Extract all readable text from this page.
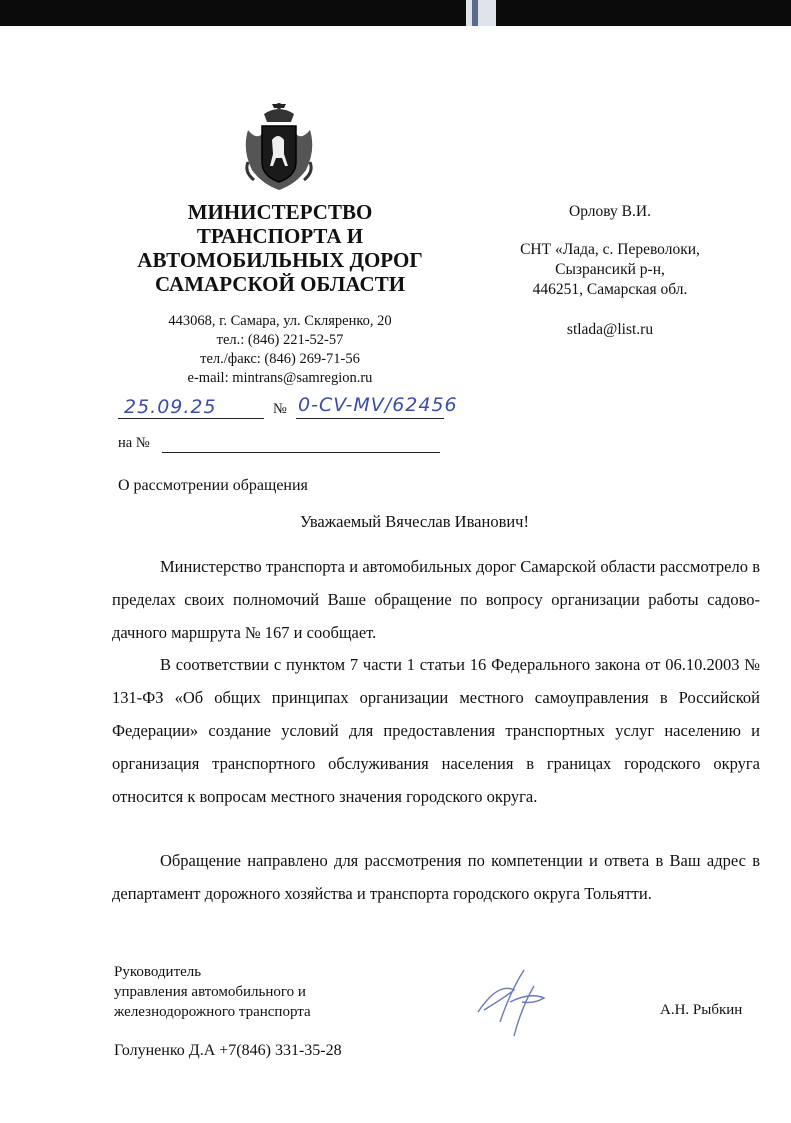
МИНИСТЕРСТВО
ТРАНСПОРТА И
АВТОМОБИЛЬНЫХ ДОРОГ
САМАРСКОЙ ОБЛАСТИ
443068, г. Самара, ул. Скляренко, 20
тел.: (846) 221-52-57
тел./факс: (846) 269-71-56
e-mail: mintrans@samregion.ru
Орлову В.И.
СНТ «Лада, с. Переволоки,
Сызрансикй р-н,
446251, Самарская обл.
stlada@list.ru
25.09.25	№ 0-CV-MV/62456
на №
О рассмотрении обращения
Уважаемый Вячеслав Иванович!
Министерство транспорта и автомобильных дорог Самарской области рассмотрело в пределах своих полномочий Ваше обращение по вопросу организации работы садово-дачного маршрута № 167 и сообщает.
В соответствии с пунктом 7 части 1 статьи 16 Федерального закона от 06.10.2003 № 131-ФЗ «Об общих принципах организации местного самоуправления в Российской Федерации» создание условий для предоставления транспортных услуг населению и организация транспортного обслуживания населения в границах городского округа относится к вопросам местного значения городского округа.
Обращение направлено для рассмотрения по компетенции и ответа в Ваш адрес в департамент дорожного хозяйства и транспорта городского округа Тольятти.
Руководитель
управления автомобильного и
железнодорожного транспорта	А.Н. Рыбкин
Голуненко Д.А +7(846) 331-35-28
